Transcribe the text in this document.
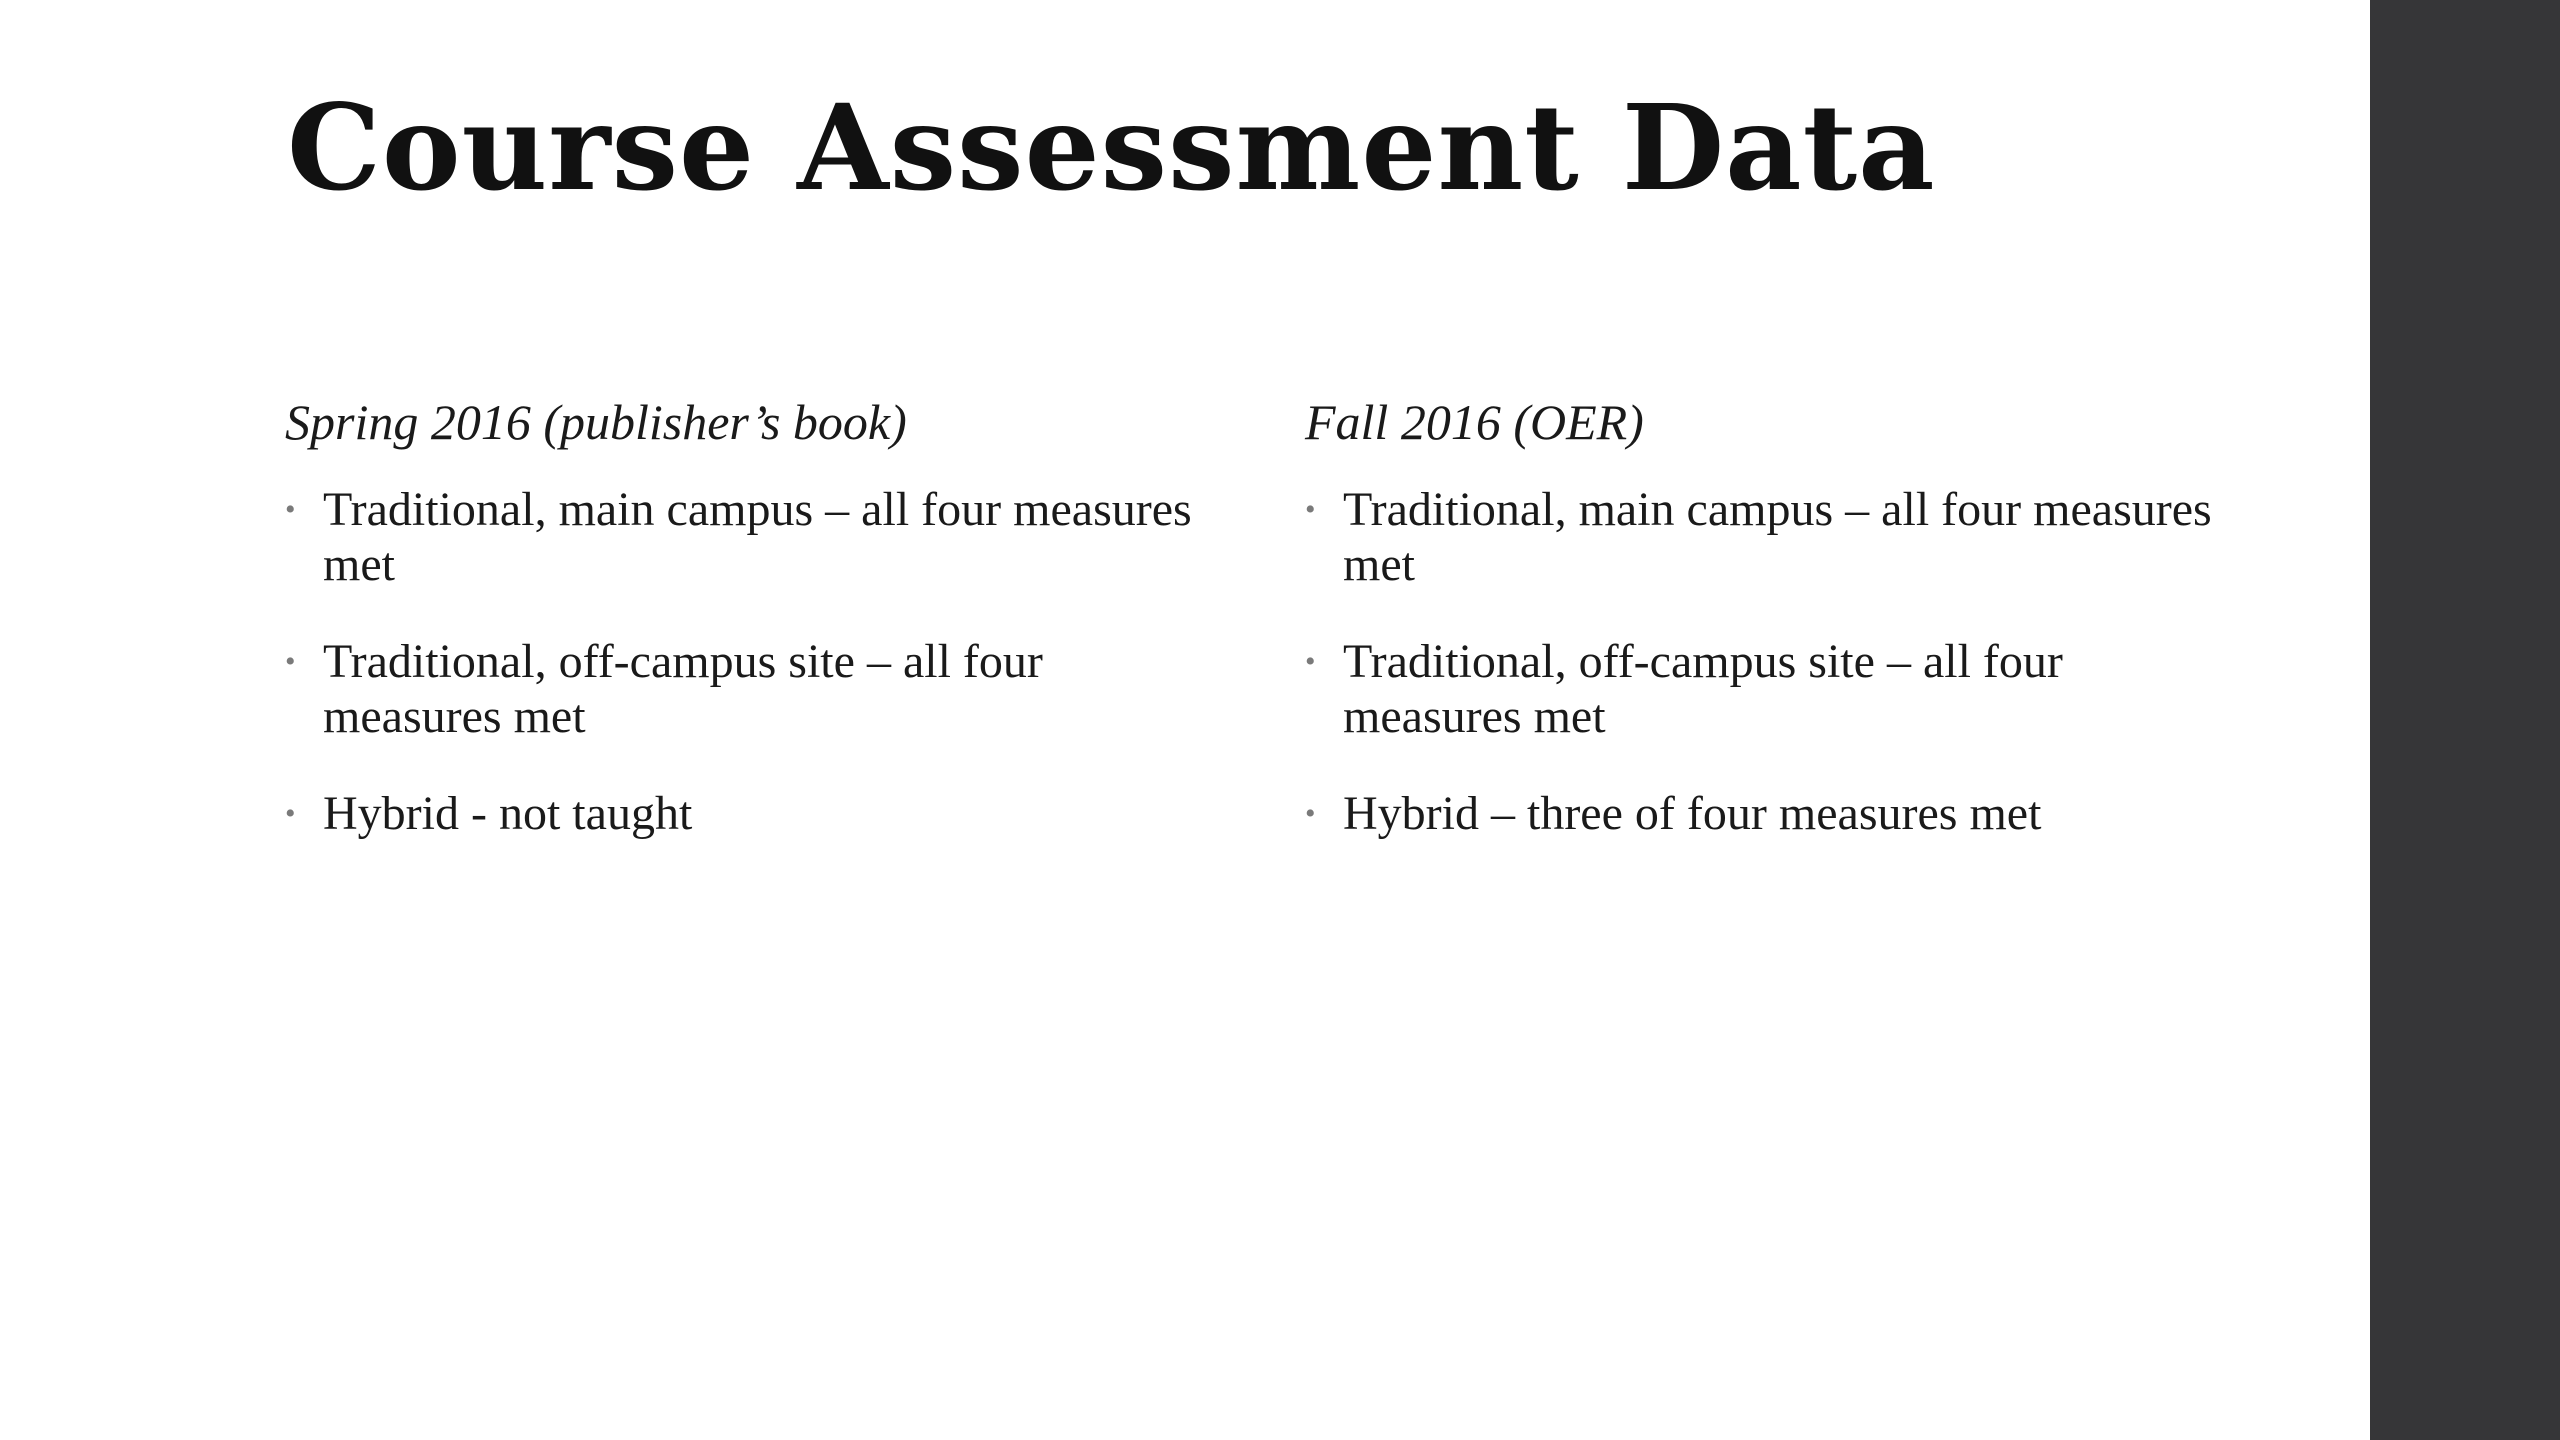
Course Assessment Data

Spring 2016 (publisher’s book)

• Traditional, main campus – all four measures met
• Traditional, off-campus site – all four measures met
• Hybrid - not taught

Fall 2016 (OER)

• Traditional, main campus – all four measures met
• Traditional, off-campus site – all four measures met
• Hybrid – three of four measures met
